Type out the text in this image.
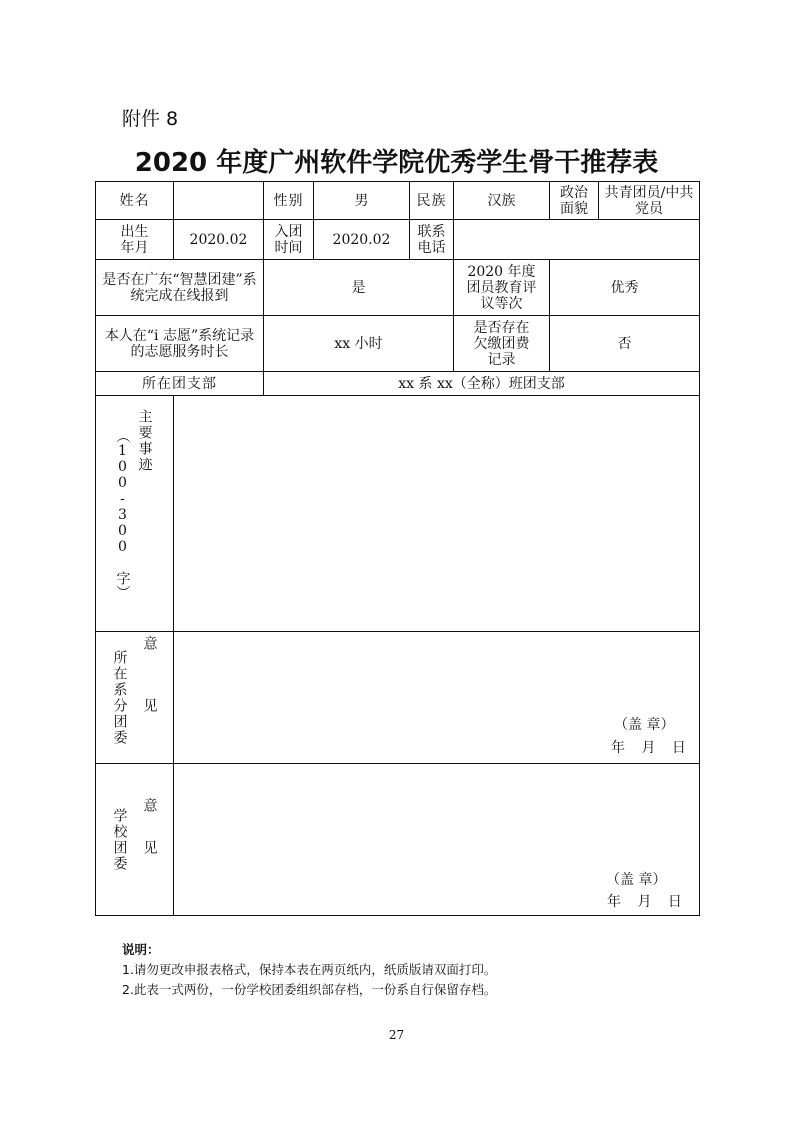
附件 8
2020 年度广州软件学院优秀学生骨干推荐表
姓名		性别	男	民族	汉族	政治面貌	共青团员/中共党员

出生年月	2020.02	入团时间	2020.02	联系电话			

是否在广东“智慧团建”系统完成在线报到		是			2020 年度团员教育评议等次	优秀	

本人在“i 志愿”系统记录的志愿服务时长		xx 小时			是否存在欠缴团费记录	否	
所在团支部		xx 系 xx（全称）班团支部					
（100-300 字） 主要事迹							
所在系分团委 意见	（盖 章）
年 月 日						

学校团委 意见	（盖 章）
年 月 日						
说明：
1.请勿更改申报表格式，保持本表在两页纸内，纸质版请双面打印。
2.此表一式两份，一份学校团委组织部存档，一份系自行保留存档。
27
